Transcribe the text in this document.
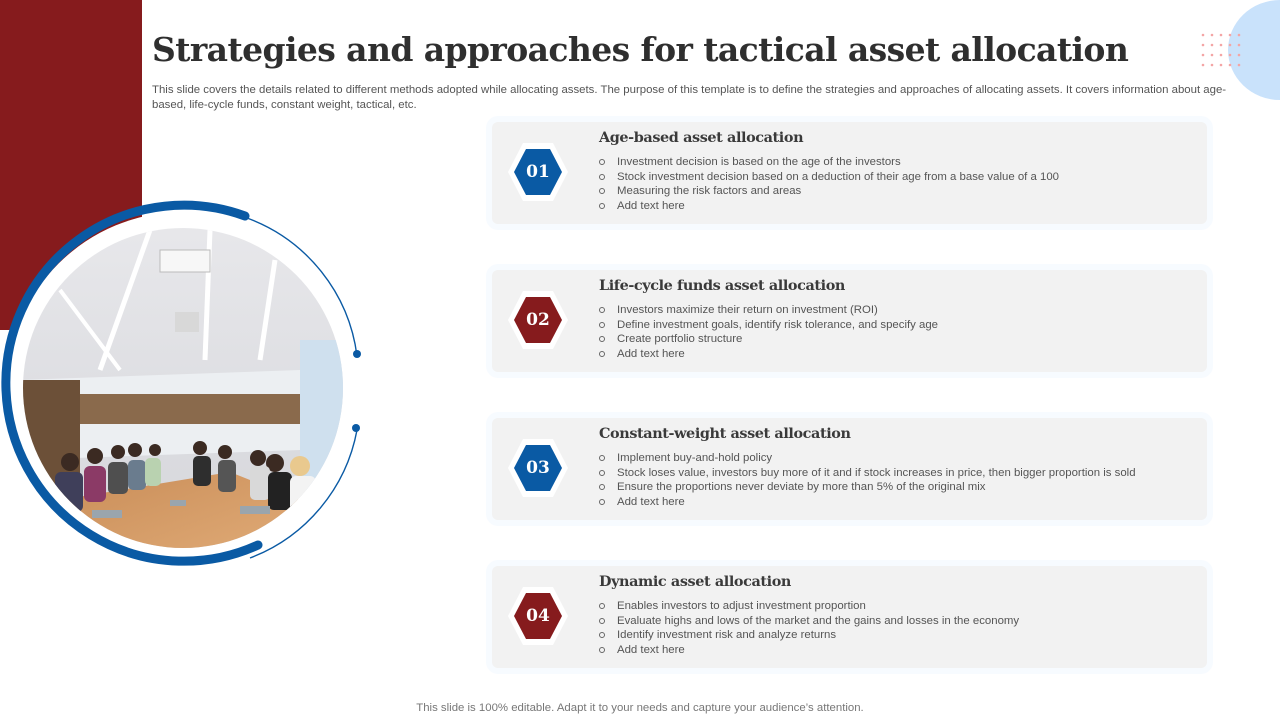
Strategies and approaches for tactical asset allocation

This slide covers the details related to different methods adopted while allocating assets. The purpose of this template is to define the strategies and approaches of allocating assets. It covers information about age-based, life-cycle funds, constant weight, tactical, etc.

01
Age-based asset allocation
Investment decision is based on the age of the investors
Stock investment decision based on a deduction of their age from a base value of a 100
Measuring the risk factors and areas
Add text here
02
Life-cycle funds asset allocation
Investors maximize their return on investment (ROI)
Define investment goals, identify risk tolerance, and specify age
Create portfolio structure
Add text here
03
Constant-weight asset allocation
Implement buy-and-hold policy
Stock loses value, investors buy more of it and if stock increases in price, then bigger proportion is sold
Ensure the proportions never deviate by more than 5% of the original mix
Add text here
04
Dynamic asset allocation
Enables investors to adjust investment proportion
Evaluate highs and lows of the market and the gains and losses in the economy
Identify investment risk and analyze returns
Add text here
This slide is 100% editable. Adapt it to your needs and capture your audience’s attention.
